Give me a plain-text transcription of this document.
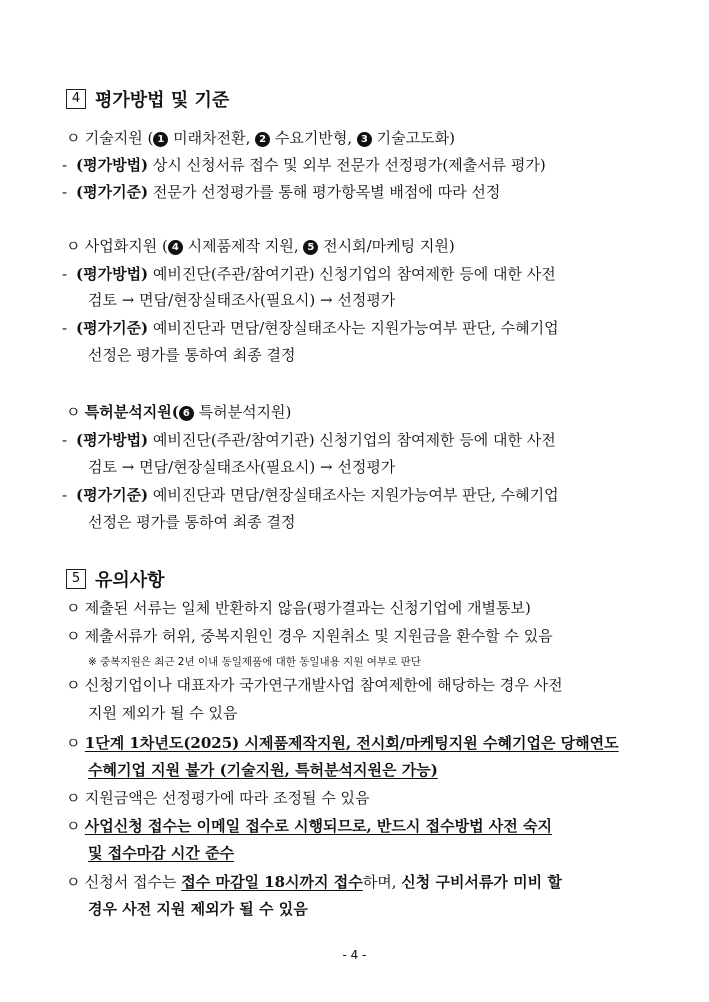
4 평가방법 및 기준
ㅇ 기술지원 ( 1 미래차전환, 2 수요기반형, 3 기술고도화)
- (평가방법) 상시 신청서류 접수 및 외부 전문가 선정평가(제출서류 평가)
- (평가기준) 전문가 선정평가를 통해 평가항목별 배점에 따라 선정
ㅇ 사업화지원 ( 4 시제품제작 지원, 5 전시회/마케팅 지원)
- (평가방법) 예비진단(주관/참여기관) 신청기업의 참여제한 등에 대한 사전
검토 → 면담/현장실태조사(필요시) → 선정평가
- (평가기준) 예비진단과 면담/현장실태조사는 지원가능여부 판단, 수혜기업
선정은 평가를 통하여 최종 결정
ㅇ 특허분석지원( 6 특허분석지원)
- (평가방법) 예비진단(주관/참여기관) 신청기업의 참여제한 등에 대한 사전
검토 → 면담/현장실태조사(필요시) → 선정평가
- (평가기준) 예비진단과 면담/현장실태조사는 지원가능여부 판단, 수혜기업
선정은 평가를 통하여 최종 결정
5 유의사항
ㅇ 제출된 서류는 일체 반환하지 않음(평가결과는 신청기업에 개별통보)
ㅇ 제출서류가 허위, 중복지원인 경우 지원취소 및 지원금을 환수할 수 있음
※ 중복지원은 최근 2년 이내 동일제품에 대한 동일내용 지원 여부로 판단
ㅇ 신청기업이나 대표자가 국가연구개발사업 참여제한에 해당하는 경우 사전
지원 제외가 될 수 있음
ㅇ 1단계 1차년도(2025) 시제품제작지원, 전시회/마케팅지원 수혜기업은 당해연도
수혜기업 지원 불가 (기술지원, 특허분석지원은 가능)
ㅇ 지원금액은 선정평가에 따라 조정될 수 있음
ㅇ 사업신청 접수는 이메일 접수로 시행되므로, 반드시 접수방법 사전 숙지
및 접수마감 시간 준수
ㅇ 신청서 접수는 접수 마감일 18시까지 접수하며, 신청 구비서류가 미비 할
경우 사전 지원 제외가 될 수 있음
- 4 -
